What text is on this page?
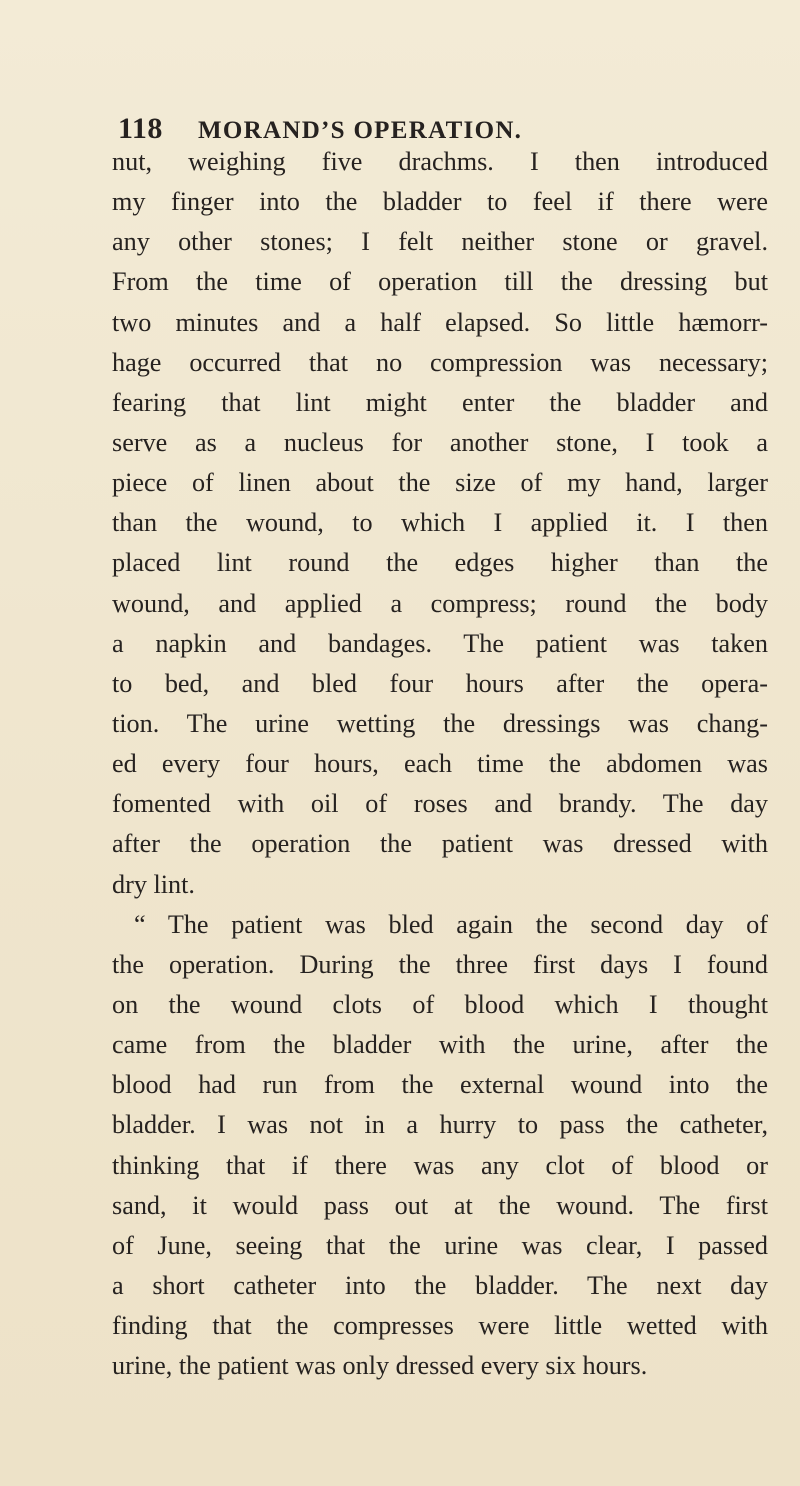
118 MORAND’S OPERATION.
nut, weighing five drachms. I then introduced
my finger into the bladder to feel if there were
any other stones; I felt neither stone or gravel.
From the time of operation till the dressing but
two minutes and a half elapsed. So little hæmorr-
hage occurred that no compression was necessary;
fearing that lint might enter the bladder and
serve as a nucleus for another stone, I took a
piece of linen about the size of my hand, larger
than the wound, to which I applied it. I then
placed lint round the edges higher than the
wound, and applied a compress; round the body
a napkin and bandages. The patient was taken
to bed, and bled four hours after the opera-
tion. The urine wetting the dressings was chang-
ed every four hours, each time the abdomen was
fomented with oil of roses and brandy. The day
after the operation the patient was dressed with
dry lint.
“ The patient was bled again the second day of
the operation. During the three first days I found
on the wound clots of blood which I thought
came from the bladder with the urine, after the
blood had run from the external wound into the
bladder. I was not in a hurry to pass the catheter,
thinking that if there was any clot of blood or
sand, it would pass out at the wound. The first
of June, seeing that the urine was clear, I passed
a short catheter into the bladder. The next day
finding that the compresses were little wetted with
urine, the patient was only dressed every six hours.
